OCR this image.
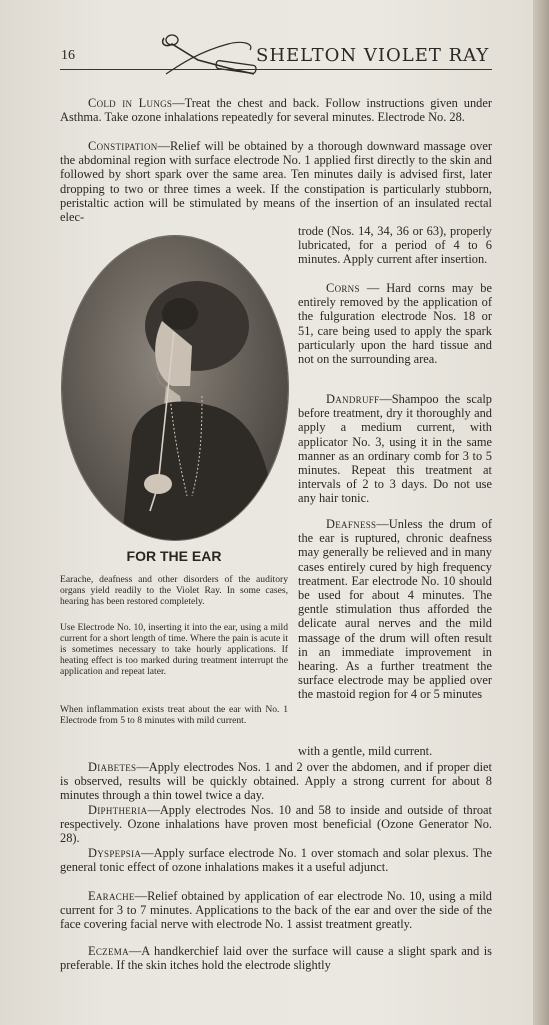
16	SHELTON VIOLET RAY

Cold in Lungs—Treat the chest and back. Follow instructions given under Asthma. Take ozone inhalations repeatedly for several minutes. Electrode No. 28.

Constipation—Relief will be obtained by a thorough downward massage over the abdominal region with surface electrode No. 1 applied first directly to the skin and followed by short spark over the same area. Ten minutes daily is advised first, later dropping to two or three times a week. If the constipation is particularly stubborn, peristaltic action will be stimulated by means of the insertion of an insulated rectal elec-

trode (Nos. 14, 34, 36 or 63), properly lubricated, for a period of 4 to 6 minutes. Apply current after insertion.

Corns — Hard corns may be entirely removed by the application of the fulguration electrode Nos. 18 or 51, care being used to apply the spark particularly upon the hard tissue and not on the surrounding area.

Dandruff—Shampoo the scalp before treatment, dry it thoroughly and apply a medium current, with applicator No. 3, using it in the same manner as an ordinary comb for 3 to 5 minutes. Repeat this treatment at intervals of 2 to 3 days. Do not use any hair tonic.

Deafness—Unless the drum of the ear is ruptured, chronic deafness may generally be relieved and in many cases entirely cured by high frequency treatment. Ear electrode No. 10 should be used for about 4 minutes. The gentle stimulation thus afforded the delicate aural nerves and the mild massage of the drum will often result in an immediate improvement in hearing. As a further treatment the surface electrode may be applied over the mastoid region for 4 or 5 minutes

with a gentle, mild current.

FOR THE EAR

Earache, deafness and other disorders of the auditory organs yield readily to the Violet Ray. In some cases, hearing has been restored completely.

Use Electrode No. 10, inserting it into the ear, using a mild current for a short length of time. Where the pain is acute it is sometimes necessary to take hourly applications. If heating effect is too marked during treatment interrupt the application and repeat later.

When inflammation exists treat about the ear with No. 1 Electrode from 5 to 8 minutes with mild current.

Diabetes—Apply electrodes Nos. 1 and 2 over the abdomen, and if proper diet is observed, results will be quickly obtained. Apply a strong current for about 8 minutes through a thin towel twice a day.

Diphtheria—Apply electrodes Nos. 10 and 58 to inside and outside of throat respectively. Ozone inhalations have proven most beneficial (Ozone Generator No. 28).

Dyspepsia—Apply surface electrode No. 1 over stomach and solar plexus. The general tonic effect of ozone inhalations makes it a useful adjunct.

Earache—Relief obtained by application of ear electrode No. 10, using a mild current for 3 to 7 minutes. Applications to the back of the ear and over the side of the face covering facial nerve with electrode No. 1 assist treatment greatly.

Eczema—A handkerchief laid over the surface will cause a slight spark and is preferable. If the skin itches hold the electrode slightly
